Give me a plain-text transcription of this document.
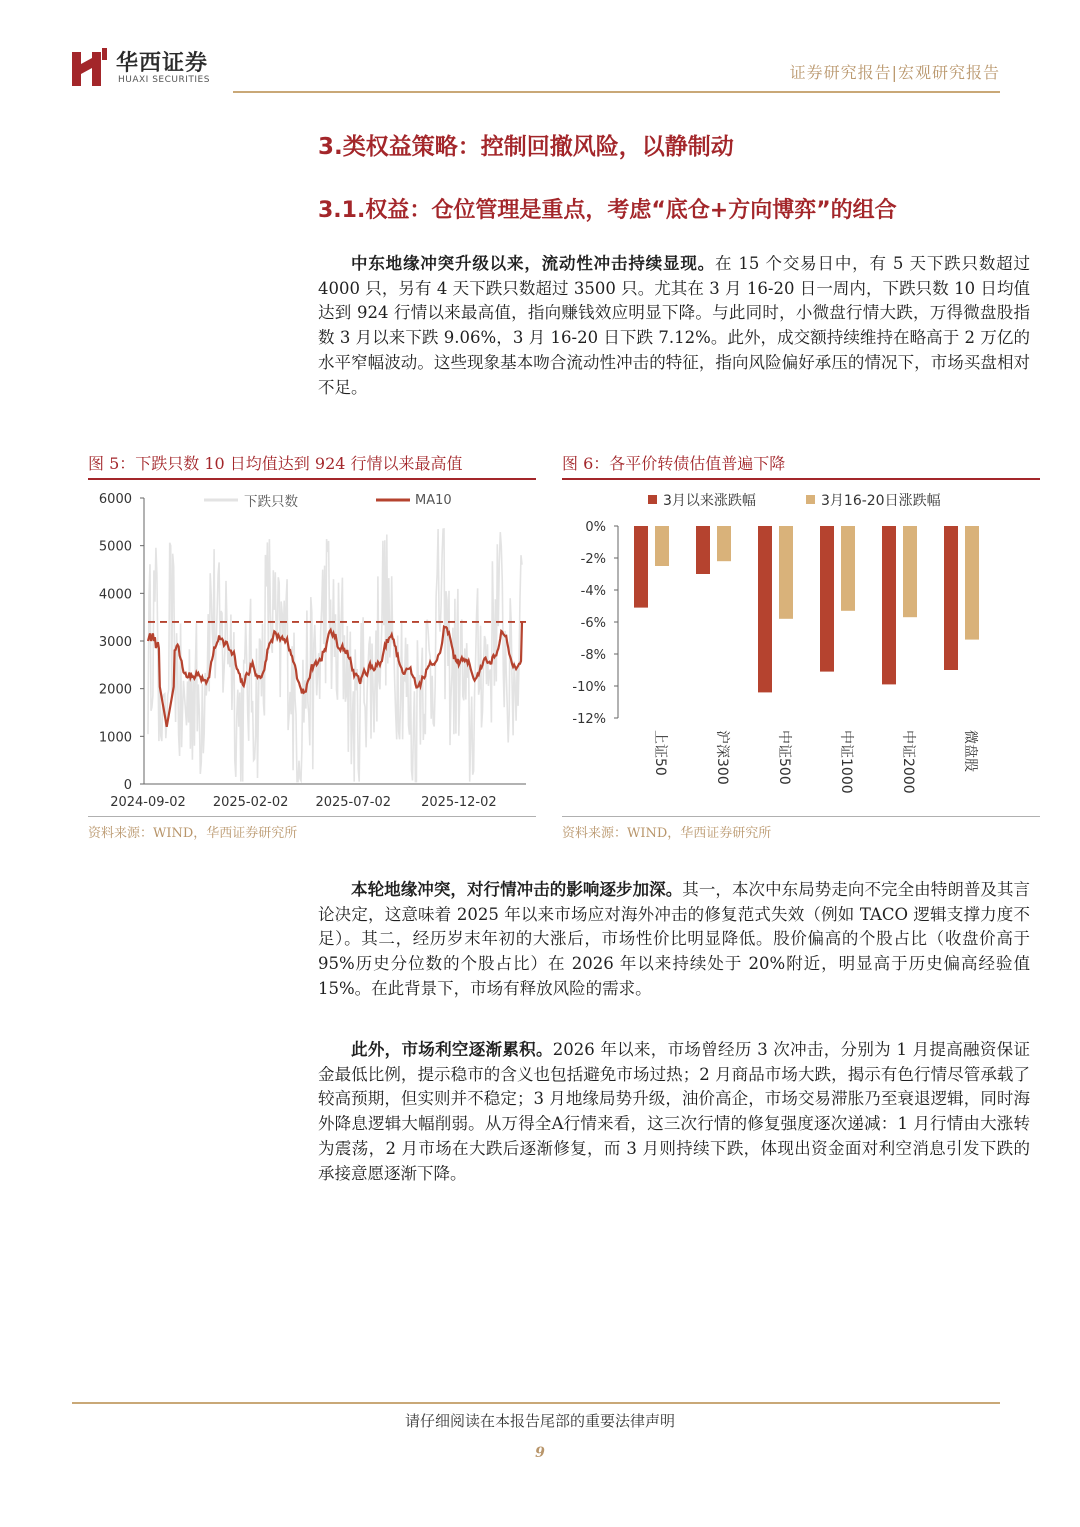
华西证券
HUAXI SECURITIES	证券研究报告|宏观研究报告
3.类权益策略：控制回撤风险，以静制动
3.1.权益：仓位管理是重点，考虑“底仓+方向博弈”的组合
中东地缘冲突升级以来，流动性冲击持续显现。在 15 个交易日中，有 5 天下跌只数超过 4000 只，另有 4 天下跌只数超过 3500 只。尤其在 3 月 16-20 日一周内，下跌只数 10 日均值达到 924 行情以来最高值，指向赚钱效应明显下降。与此同时，小微盘行情大跌，万得微盘股指数 3 月以来下跌 9.06%，3 月 16-20 日下跌 7.12%。此外，成交额持续维持在略高于 2 万亿的水平窄幅波动。这些现象基本吻合流动性冲击的特征，指向风险偏好承压的情况下，市场买盘相对不足。
图 5：下跌只数 10 日均值达到 924 行情以来最高值
0
1000
2000
3000
4000
5000
6000
2024-09-02 2025-02-02 2025-07-02 2025-12-02
下跌只数	MA10
资料来源：WIND，华西证券研究所
图 6：各平价转债估值普遍下降
0%
-2%
-4%
-6%
-8%
-10%
-12%
上证50	沪深300	中证500	中证1000	中证2000	微盘股
3月以来涨跌幅	3月16-20日涨跌幅
资料来源：WIND，华西证券研究所
本轮地缘冲突，对行情冲击的影响逐步加深。其一，本次中东局势走向不完全由特朗普及其言论决定，这意味着 2025 年以来市场应对海外冲击的修复范式失效（例如 TACO 逻辑支撑力度不足）。其二，经历岁末年初的大涨后，市场性价比明显降低。股价偏高的个股占比（收盘价高于 95%历史分位数的个股占比）在 2026 年以来持续处于 20%附近，明显高于历史偏高经验值 15%。在此背景下，市场有释放风险的需求。
此外，市场利空逐渐累积。2026 年以来，市场曾经历 3 次冲击，分别为 1 月提高融资保证金最低比例，提示稳市的含义也包括避免市场过热；2 月商品市场大跌，揭示有色行情尽管承载了较高预期，但实则并不稳定；3 月地缘局势升级，油价高企，市场交易滞胀乃至衰退逻辑，同时海外降息逻辑大幅削弱。从万得全A行情来看，这三次行情的修复强度逐次递减：1 月行情由大涨转为震荡，2 月市场在大跌后逐渐修复，而 3 月则持续下跌，体现出资金面对利空消息引发下跌的承接意愿逐渐下降。
请仔细阅读在本报告尾部的重要法律声明
9
